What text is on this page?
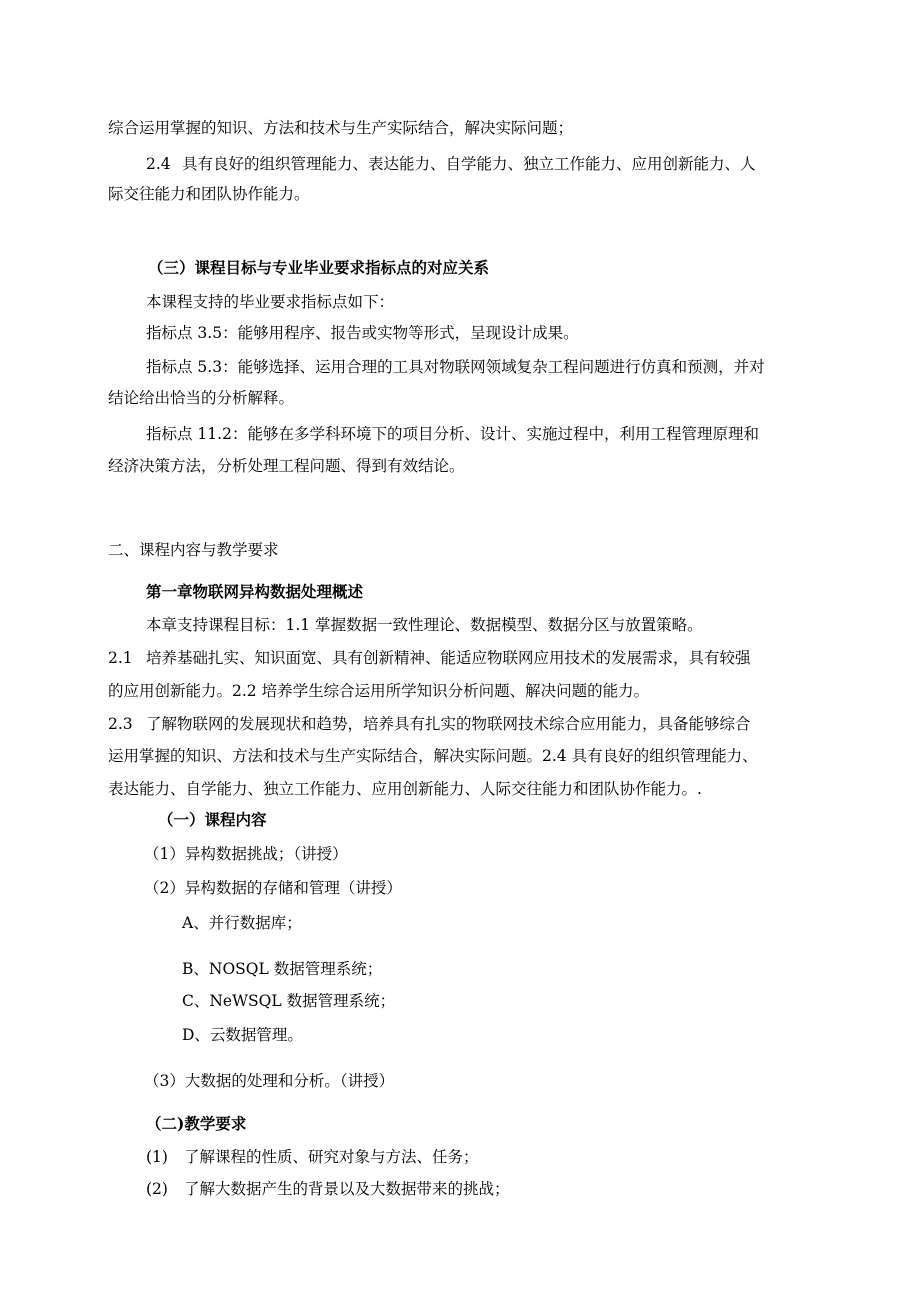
综合运用掌握的知识、方法和技术与生产实际结合，解决实际问题；
2.4 具有良好的组织管理能力、表达能力、自学能力、独立工作能力、应用创新能力、人
际交往能力和团队协作能力。
（三）课程目标与专业毕业要求指标点的对应关系
本课程支持的毕业要求指标点如下：
指标点 3.5：能够用程序、报告或实物等形式，呈现设计成果。
指标点 5.3：能够选择、运用合理的工具对物联网领域复杂工程问题进行仿真和预测，并对
结论给出恰当的分析解释。
指标点 11.2：能够在多学科环境下的项目分析、设计、实施过程中，利用工程管理原理和
经济决策方法，分析处理工程问题、得到有效结论。
二、课程内容与教学要求
第一章物联网异构数据处理概述
本章支持课程目标：1.1 掌握数据一致性理论、数据模型、数据分区与放置策略。
2.1 培养基础扎实、知识面宽、具有创新精神、能适应物联网应用技术的发展需求，具有较强
的应用创新能力。2.2 培养学生综合运用所学知识分析问题、解决问题的能力。
2.3 了解物联网的发展现状和趋势，培养具有扎实的物联网技术综合应用能力，具备能够综合
运用掌握的知识、方法和技术与生产实际结合，解决实际问题。2.4 具有良好的组织管理能力、
表达能力、自学能力、独立工作能力、应用创新能力、人际交往能力和团队协作能力。.
（一）课程内容
（1）异构数据挑战；（讲授）
（2）异构数据的存储和管理（讲授）
A、并行数据库；
B、NOSQL 数据管理系统；
C、NeWSQL 数据管理系统；
D、云数据管理。
（3）大数据的处理和分析。（讲授）
（二)教学要求
(1) 了解课程的性质、研究对象与方法、任务；
(2) 了解大数据产生的背景以及大数据带来的挑战；
